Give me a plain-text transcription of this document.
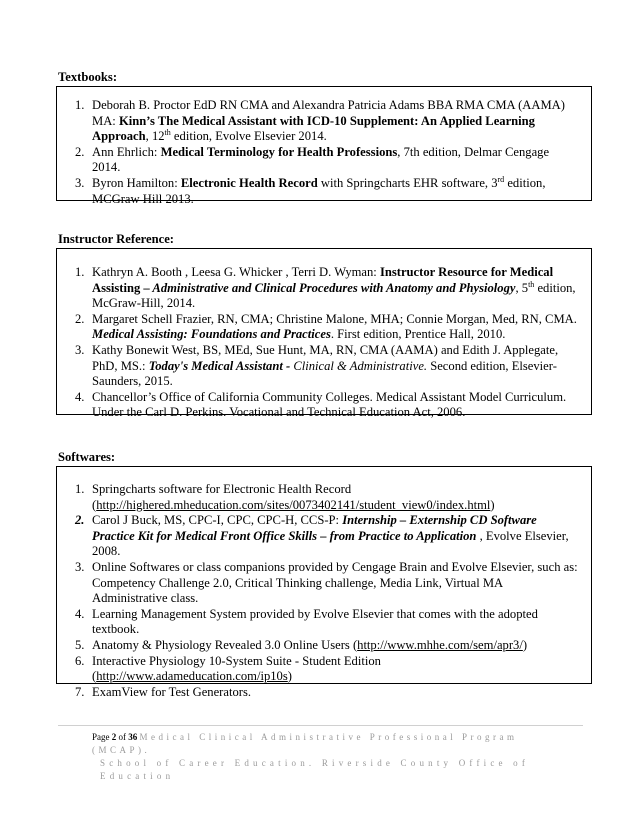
Textbooks:
1. Deborah B. Proctor EdD RN CMA and Alexandra Patricia Adams BBA RMA CMA (AAMA) MA: Kinn’s The Medical Assistant with ICD-10 Supplement: An Applied Learning Approach, 12th edition, Evolve Elsevier 2014.
2. Ann Ehrlich: Medical Terminology for Health Professions, 7th edition, Delmar Cengage 2014.
3. Byron Hamilton: Electronic Health Record with Springcharts EHR software, 3rd edition, MCGraw Hill 2013.
Instructor Reference:
1. Kathryn A. Booth , Leesa G. Whicker , Terri D. Wyman: Instructor Resource for Medical Assisting – Administrative and Clinical Procedures with Anatomy and Physiology, 5th edition, McGraw-Hill, 2014.
2. Margaret Schell Frazier, RN, CMA; Christine Malone, MHA; Connie Morgan, Med, RN, CMA. Medical Assisting: Foundations and Practices. First edition, Prentice Hall, 2010.
3. Kathy Bonewit West, BS, MEd, Sue Hunt, MA, RN, CMA (AAMA) and Edith J. Applegate, PhD, MS.: Today's Medical Assistant - Clinical & Administrative. Second edition, Elsevier-Saunders, 2015.
4. Chancellor’s Office of California Community Colleges. Medical Assistant Model Curriculum. Under the Carl D. Perkins. Vocational and Technical Education Act, 2006.
Softwares:
1. Springcharts software for Electronic Health Record (http://highered.mheducation.com/sites/0073402141/student_view0/index.html)
2. Carol J Buck, MS, CPC-I, CPC, CPC-H, CCS-P: Internship – Externship CD Software Practice Kit for Medical Front Office Skills – from Practice to Application , Evolve Elsevier, 2008.
3. Online Softwares or class companions provided by Cengage Brain and Evolve Elsevier, such as: Competency Challenge 2.0, Critical Thinking challenge, Media Link, Virtual MA Administrative class.
4. Learning Management System provided by Evolve Elsevier that comes with the adopted textbook.
5. Anatomy & Physiology Revealed 3.0 Online Users (http://www.mhhe.com/sem/apr3/)
6. Interactive Physiology 10-System Suite - Student Edition (http://www.adameducation.com/ip10s)
7. ExamView for Test Generators.
Page 2 of 36 Medical Clinical Administrative Professional Program (MCAP).
School of Career Education. Riverside County Office of Education
